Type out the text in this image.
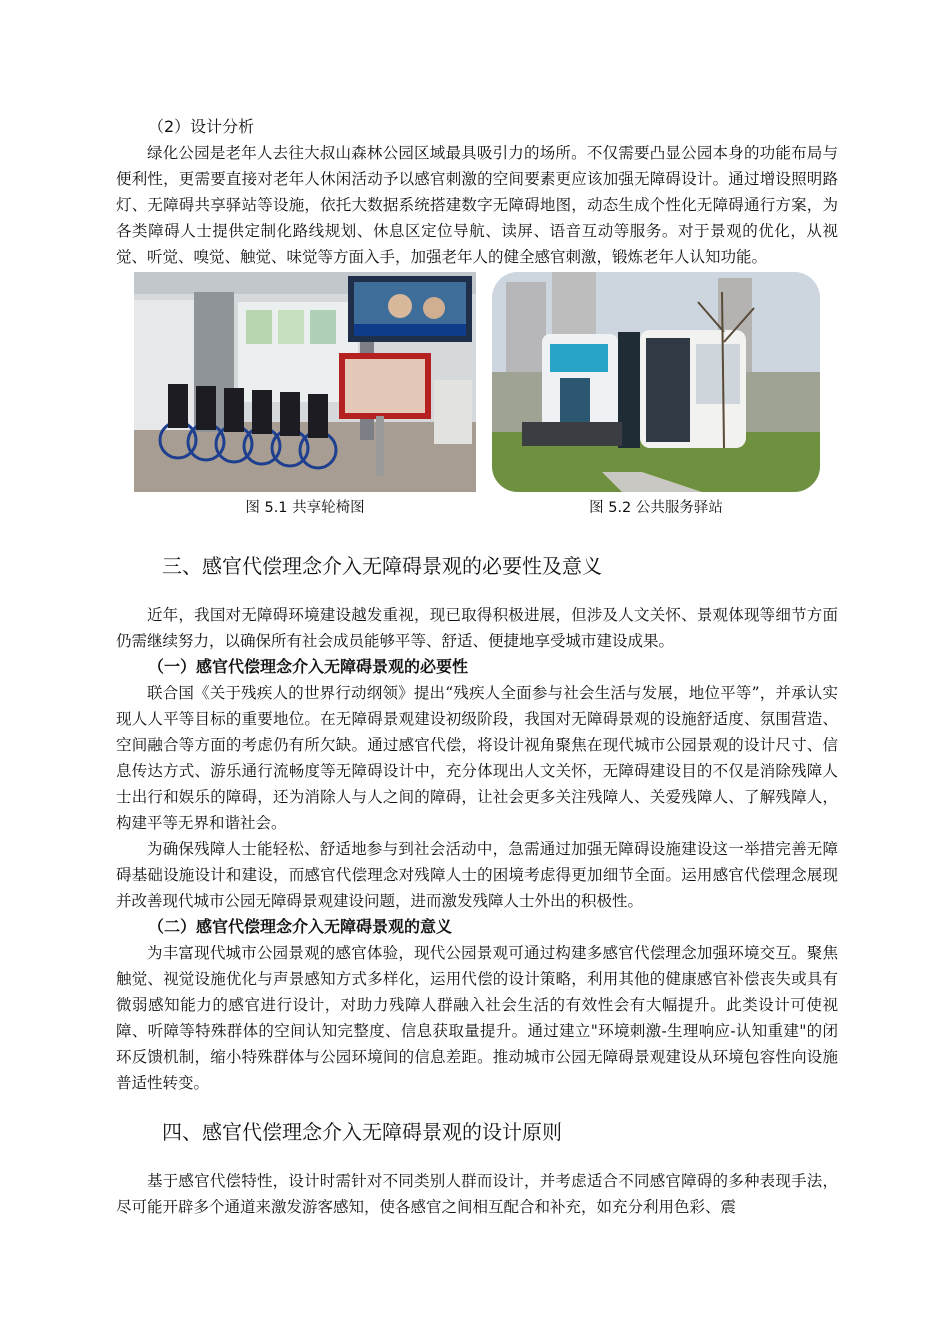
（2）设计分析

绿化公园是老年人去往大叔山森林公园区域最具吸引力的场所。不仅需要凸显公园本身的功能布局与便利性，更需要直接对老年人休闲活动予以感官刺激的空间要素更应该加强无障碍设计。通过增设照明路灯、无障碍共享驿站等设施，依托大数据系统搭建数字无障碍地图，动态生成个性化无障碍通行方案，为各类障碍人士提供定制化路线规划、休息区定位导航、读屏、语音互动等服务。对于景观的优化，从视觉、听觉、嗅觉、触觉、味觉等方面入手，加强老年人的健全感官刺激，锻炼老年人认知功能。

图 5.1 共享轮椅图	图 5.2 公共服务驿站
三、感官代偿理念介入无障碍景观的必要性及意义

近年，我国对无障碍环境建设越发重视，现已取得积极进展，但涉及人文关怀、景观体现等细节方面仍需继续努力，以确保所有社会成员能够平等、舒适、便捷地享受城市建设成果。

（一）感官代偿理念介入无障碍景观的必要性

联合国《关于残疾人的世界行动纲领》提出“残疾人全面参与社会生活与发展，地位平等”，并承认实现人人平等目标的重要地位。在无障碍景观建设初级阶段，我国对无障碍景观的设施舒适度、氛围营造、空间融合等方面的考虑仍有所欠缺。通过感官代偿，将设计视角聚焦在现代城市公园景观的设计尺寸、信息传达方式、游乐通行流畅度等无障碍设计中，充分体现出人文关怀，无障碍建设目的不仅是消除残障人士出行和娱乐的障碍，还为消除人与人之间的障碍，让社会更多关注残障人、关爱残障人、了解残障人，构建平等无界和谐社会。

为确保残障人士能轻松、舒适地参与到社会活动中，急需通过加强无障碍设施建设这一举措完善无障碍基础设施设计和建设，而感官代偿理念对残障人士的困境考虑得更加细节全面。运用感官代偿理念展现并改善现代城市公园无障碍景观建设问题，进而激发残障人士外出的积极性。

（二）感官代偿理念介入无障碍景观的意义

为丰富现代城市公园景观的感官体验，现代公园景观可通过构建多感官代偿理念加强环境交互。聚焦触觉、视觉设施优化与声景感知方式多样化，运用代偿的设计策略，利用其他的健康感官补偿丧失或具有微弱感知能力的感官进行设计，对助力残障人群融入社会生活的有效性会有大幅提升。此类设计可使视障、听障等特殊群体的空间认知完整度、信息获取量提升。通过建立"环境刺激-生理响应-认知重建"的闭环反馈机制，缩小特殊群体与公园环境间的信息差距。推动城市公园无障碍景观建设从环境包容性向设施普适性转变。

四、感官代偿理念介入无障碍景观的设计原则

基于感官代偿特性，设计时需针对不同类别人群而设计，并考虑适合不同感官障碍的多种表现手法，尽可能开辟多个通道来激发游客感知，使各感官之间相互配合和补充，如充分利用色彩、震
